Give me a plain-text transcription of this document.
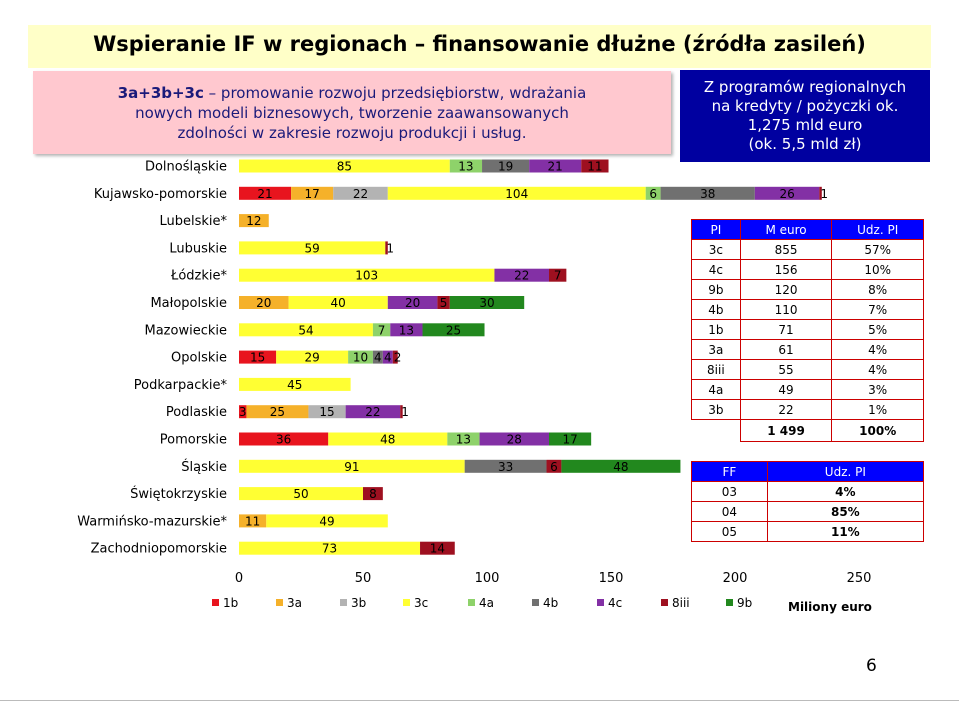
Wspieranie IF w regionach – finansowanie dłużne (źródła zasileń)
Dolnośląskie	85	13 19	21 11
Kujawsko-pomorskie	21	17	22	104	6	38	26 1
Lubelskie* 12
Lubuskie	59	1
Łódzkie*	103	22 7
Małopolskie 20	40	20 5	30
Mazowieckie	54	7 13	25
Opolskie 15	29	10 4 4 2
Podkarpackie*	45
Podlaskie 3 25	15	22 1
Pomorskie	36	48	13	28	17
Śląskie	91	33	6	48
Świętokrzyskie	50	8
Warmińsko-mazurskie* 11	49
Zachodniopomorskie	73	14
0	50	100	150	200	250
1b	3a	3b	3c	4a	4b	4c	8iii	9b	Miliony euro
3a+3b+3c – promowanie rozwoju przedsiębiorstw, wdrażania
nowych modeli biznesowych, tworzenie zaawansowanych
zdolności w zakresie rozwoju produkcji i usług.
Z programów regionalnych
na kredyty / pożyczki ok.
1,275 mld euro
(ok. 5,5 mld zł)
PI	M euro	Udz. PI
3c	855	57%
4c	156	10%
9b	120	8%
4b	110	7%
1b	71	5%
3a	61	4%
8iii	55	4%
4a	49	3%
3b	22	1%
	1 499	100%
FF	Udz. PI
03	4%
04	85%
05	11%
6
